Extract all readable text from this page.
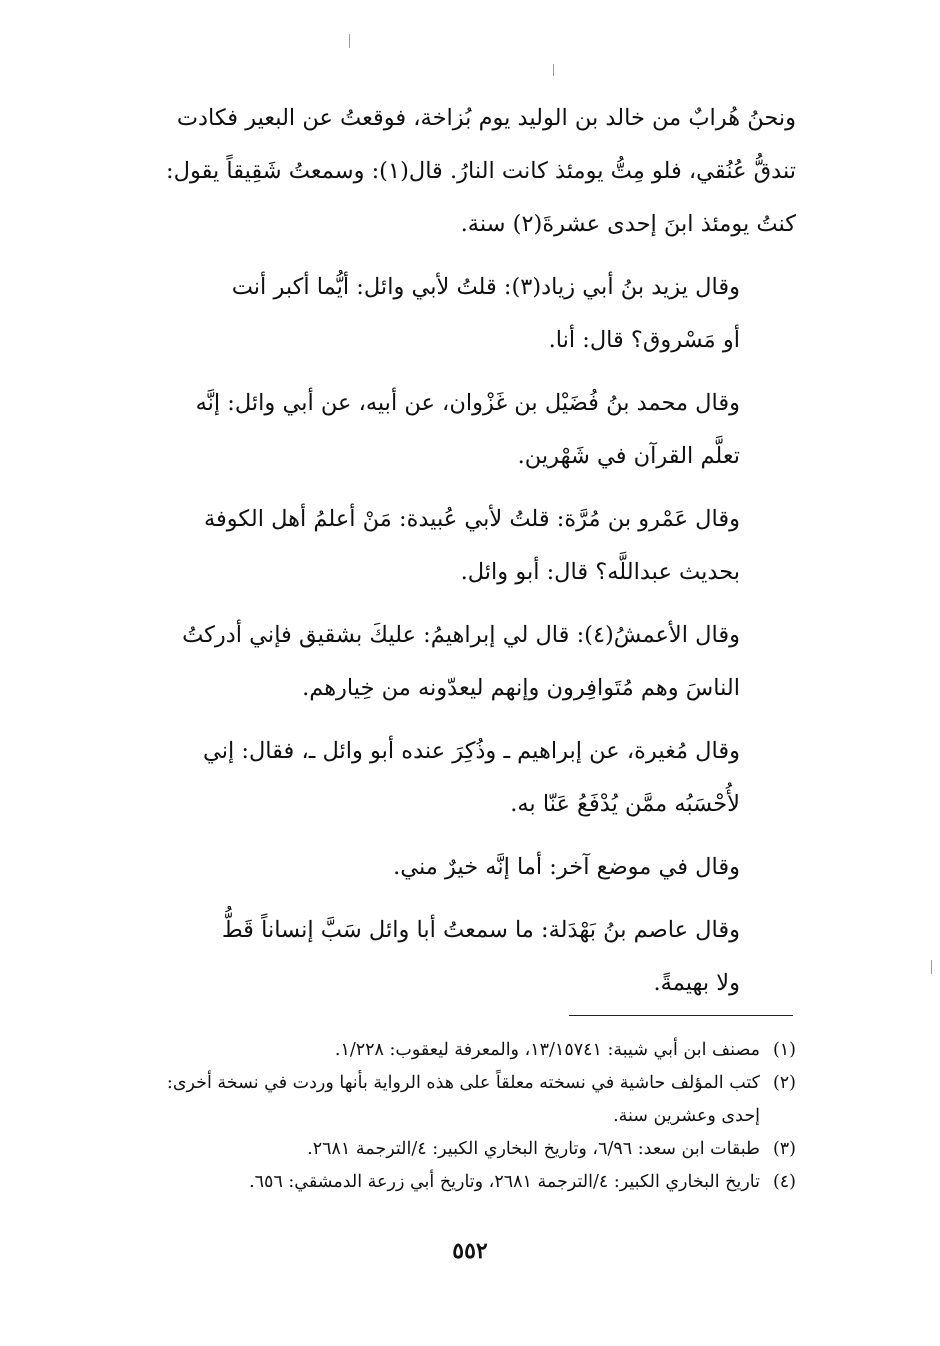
ونحنُ هُرابٌ من خالد بن الوليد يوم بُزاخة، فوقعتُ عن البعير فكادت
تندقُّ عُنُقي، فلو مِتُّ يومئذ كانت النارُ. قال(١): وسمعتُ شَقِيقاً يقول:
كنتُ يومئذ ابنَ إحدى عشرةَ(٢) سنة.

وقال يزيد بنُ أبي زياد(٣): قلتُ لأبي وائل: أيُّما أكبر أنت
أو مَسْروق؟ قال: أنا.

وقال محمد بنُ فُضَيْل بن غَزْوان، عن أبيه، عن أبي وائل: إنَّه
تعلَّم القرآن في شَهْرين.

وقال عَمْرو بن مُرَّة: قلتُ لأبي عُبيدة: مَنْ أعلمُ أهل الكوفة
بحديث عبداللَّه؟ قال: أبو وائل.

وقال الأعمشُ(٤): قال لي إبراهيمُ: عليكَ بشقيق فإني أدركتُ
الناسَ وهم مُتَوافِرون وإنهم ليعدّونه من خِيارهم.

وقال مُغيرة، عن إبراهيم ـ وذُكِرَ عنده أبو وائل ـ، فقال: إني
لأُحْسَبُه ممَّن يُدْفَعُ عَنّا به.

وقال في موضع آخر: أما إنَّه خيرٌ مني.

وقال عاصم بنُ بَهْدَلة: ما سمعتُ أبا وائل سَبَّ إنساناً قَطُّ
ولا بهيمةً.

(١)مصنف ابن أبي شيبة: ١٣/١٥٧٤١، والمعرفة ليعقوب: ١/٢٢٨.

(٢)كتب المؤلف حاشية في نسخته معلقاً على هذه الرواية بأنها وردت في نسخة أخرى:
إحدى وعشرين سنة.

(٣)طبقات ابن سعد: ٦/٩٦، وتاريخ البخاري الكبير: ٤/الترجمة ٢٦٨١.

(٤)تاريخ البخاري الكبير: ٤/الترجمة ٢٦٨١، وتاريخ أبي زرعة الدمشقي: ٦٥٦.

٥٥٢
